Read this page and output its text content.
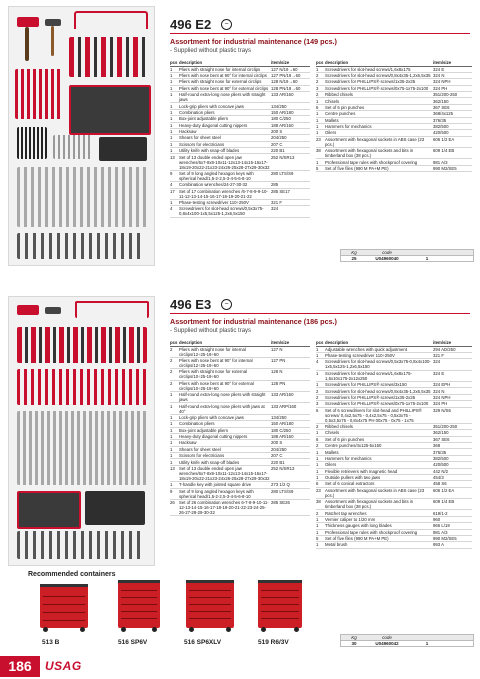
496 E2	−
Assortment for industrial maintenance (149 pcs.)
- Supplied without plastic trays
pcs	description	item/size
1	Pliers with straight nose for internal circlips	127 N/19→60
1	Pliers with nose bent at 90° for internal circlips	127 PN/19→60
1	Pliers with straight nose for external circlips	128 N/19→60
1	Pliers with nose bent at 90° for external circlips	128 PN/19→60
1	Half-round extra-long nose pliers with straight jaws	133 AR/160
1	Lock-grip pliers with concave jaws	134/250
1	Combination pliers	150 AR/180
1	Box-joint adjustable pliers	180 C/250
1	Heavy-duty diagonal cutting nippers	188 AR/160
1	Hacksaw	200 S
1	Shears for sheet steel	204/250
1	Scissors for electricians	207 C
1	Utility knife with snap-off blades	220 B1
13	Set of 13 double ended open jaw wrenches/6x7-8x9-10x11-12x13-14x15-16x17-18x19-20x22-21x23-24x26-25x28-27x29-30x32	252 N/SR13
9	Set of 9 long angled hexagon keys with spherical head/1,5-2-2,5-3-4-5-6-8-10	280 LTS/S9
4	Combination wrenches/24-27-30-32	285
17	Set of 17 combination wrenches /6-7-8-9-9-10-11-12-13-14-15-16-17-18-19-20-21-22	285 SE17
1	Phase-testing screwdriver 110÷250V	321 F
4	Screwdrivers for slot-head screws/0,5x3x75-0,8x4x100-1x5,5x125-1,2x6,5x150	324
pcs	description	item/size
1	Screwdrivers for slot-head screws/1,6x8x175	324 E
2	Screwdrivers for slot-head screws/0,8x4x35-1,2x6,5x35	324 N
2	Screwdrivers for PHILLIPS® screws/1x35-2x35	324 NPH
3	Screwdrivers for PHILLIPS® screws/0x75-1x75-2x100	324 PH
2	Ribbed chisels	351/200-250
1	Chisels	362/150
6	Set of 6 pin punches	367 SE6
1	Centre punches	368/4x125
1	Mallets	376/35
1	Hammers for mechanics	382/500
1	Oilers	420/500
23	Assortment with hexagonal sockets in ABS case (23 pcs.)	606 1/2 EA
38	Assortment with hexagonal sockets and bits in timberland box (38 pcs.)	609 1/4 EB
1	Professional tape rules with shockproof covering	981 A/3
5	Set of five files (990 M PA+M PE)	990 M2/SE5
Kg	code
25	U04960040	1
496 E3	−
Assortment for industrial maintenance (186 pcs.)
- Supplied without plastic trays
pcs	description	item/size
2	Pliers with straight nose for internal circlips/12÷25-19÷60	127 N
2	Pliers with nose bent at 90° for internal circlips/12÷25-19÷60	127 PN
2	Pliers with straight nose for external circlips/10÷25-19÷60	128 N
2	Pliers with nose bent at 90° for external circlips/10÷25-19÷60	128 PN
1	Half-round extra-long nose pliers with straight jaws	133 AR/160
1	Half-round extra-long nose pliers with jaws at 40°	133 ARP/160
1	Lock-grip pliers with concave jaws	134/250
1	Combination pliers	150 AR/180
1	Box-joint adjustable pliers	180 C/250
1	Heavy-duty diagonal cutting nippers	188 AR/160
1	Hacksaw	200 S
1	Shears for sheet steel	204/250
1	Scissors for electricians	207 C
1	Utility knife with snap-off blades	220 B1
13	Set of 13 double ended open jaw wrenches/6x7-8x9-10x11-12x13-14x15-16x17-18x19-20x22-21x23-24x26-25x28-27x29-30x32	252 N/SR13
1	T-handle key with jointed square drive	273 1/2 Q
9	Set of 9 long angled hexagon keys with spherical head/1,5-2-2,5-3-4-5-6-8-10	280 LTS/S9
26	Set of 26 combination wrenches 6-7-8-9-10-11-12-13-14-15-16-17-18-19-20-21-22-23-24-25-26-27-28-29-30-32	285 SE26
pcs	description	item/size
1	Adjustable wrenches with quick adjustment	294 AD/250
1	Phase-testing screwdriver 110÷250V	321 F
4	Screwdrivers for slot-head screws/0,5x3x75-0,8x4x100-1x5,5x125-1,2x6,5x150	324
1	Screwdrivers for slot-head screws/1,6x8x175-1,6x10x175-2x12x250	324 E
1	Screwdrivers for PHILLIPS® screws/3x150	324 EPH
2	Screwdrivers for slot-head screws/0,8x4x35-1,2x6,5x35	324 N
2	Screwdrivers for PHILLIPS® screws/1x35-2x35	324 NPH
3	Screwdrivers for PHILLIPS® screws/0x75-1x75-2x100	324 PH
6	Set of 6 screwdrivers for slot-head and PHILLIPS® screws/ 0,4x2,5x75 - 0,4x2,5x75 - 0,5x3x75 - 0,5x3,5x75 - 0,8x4x75 PH 00x75 - 0x75 - 1x75	329 N/S6
2	Ribbed chisels	351/200-250
1	Chisels	362/150
6	Set of 6 pin punches	367 SE6
2	Centre punches/4x125-5x150	368
1	Mallets	376/35
1	Hammers for mechanics	382/500
1	Oilers	420/500
1	Flexible retrievers with magnetic head	442 N/2
1	Outside pullers with two jaws	454/3
6	Set of 6 conical extractors	458 S6
23	Assortment with hexagonal sockets in ABS case (23 pcs.)	606 1/2 EA
38	Assortment with hexagonal sockets and bits in timberland box (38 pcs.)	609 1/4 EB
2	Ratchet tap wrenches	619/1-2
1	Vernier caliper to 1/20 mm	960
1	Thickness gauges with long blades	966 L/19
1	Professional tape rules with shockproof covering	981 A/3
5	Set of five files (990 M PA+M PE)	990 M2/SE5
1	Metal brush	993 A
Kg	code
30	U04960042	1
Recommended containers
513 B	516 SP6V	516 SP6XLV	519 R6/3V
186	USAG
